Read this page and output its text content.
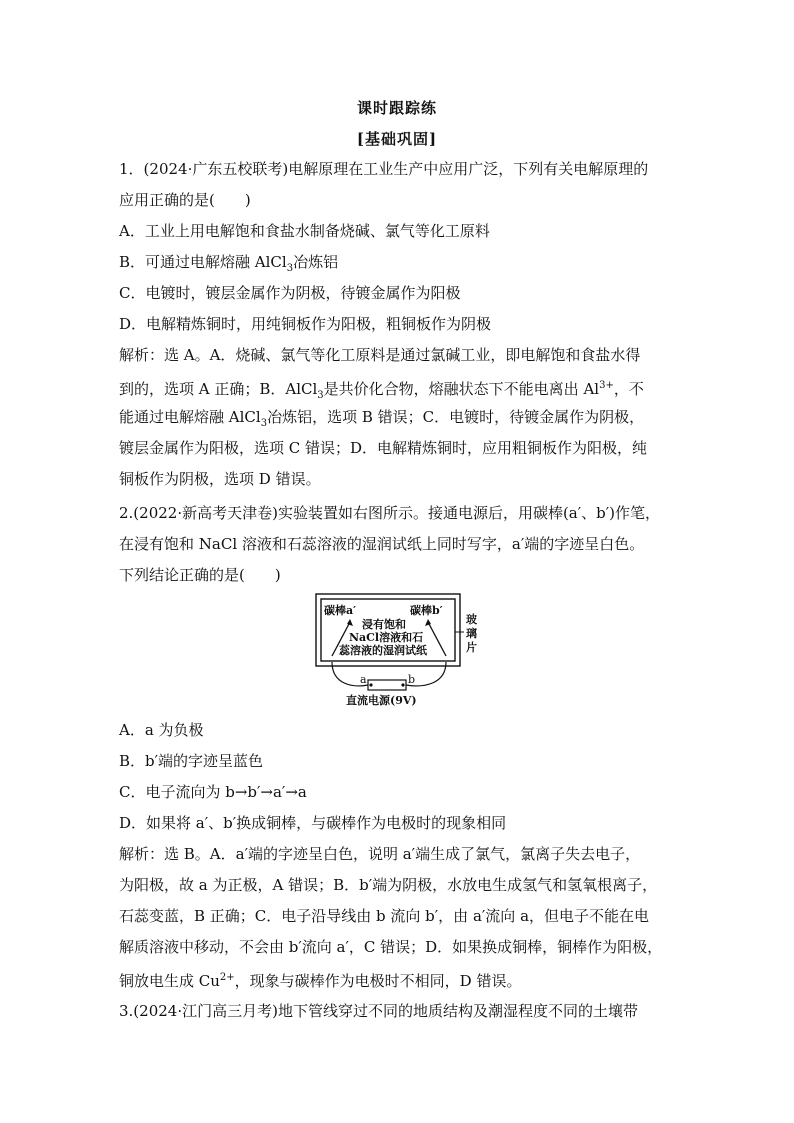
课时跟踪练
[基础巩固]
1．(2024·广东五校联考)电解原理在工业生产中应用广泛，下列有关电解原理的
应用正确的是(　　)
A．工业上用电解饱和食盐水制备烧碱、氯气等化工原料
B．可通过电解熔融 AlCl$_3$冶炼铝
C．电镀时，镀层金属作为阴极，待镀金属作为阳极
D．电解精炼铜时，用纯铜板作为阳极，粗铜板作为阴极
解析：选 A。A．烧碱、氯气等化工原料是通过氯碱工业，即电解饱和食盐水得
到的，选项 A 正确；B．AlCl$_3$是共价化合物，熔融状态下不能电离出 $Al^{3+}$，不
能通过电解熔融 AlCl$_3$冶炼铝，选项 B 错误；C．电镀时，待镀金属作为阴极，
镀层金属作为阳极，选项 C 错误；D．电解精炼铜时，应用粗铜板作为阳极，纯
铜板作为阴极，选项 D 错误。
2.(2022·新高考天津卷)实验装置如右图所示。接通电源后，用碳棒(a′、b′)作笔，
在浸有饱和 NaCl 溶液和石蕊溶液的湿润试纸上同时写字，a′端的字迹呈白色。
下列结论正确的是(　　)
碳棒a′	碳棒b′
浸有饱和
NaCl溶液和石
蕊溶液的湿润试纸
玻
璃
片
a	b
直流电源(9V)
A．a 为负极
B．b′端的字迹呈蓝色
C．电子流向为 b→b′→a′→a
D．如果将 a′、b′换成铜棒，与碳棒作为电极时的现象相同
解析：选 B。A．a′端的字迹呈白色，说明 a′端生成了氯气，氯离子失去电子，
为阳极，故 a 为正极，A 错误；B．b′端为阴极，水放电生成氢气和氢氧根离子，
石蕊变蓝，B 正确；C．电子沿导线由 b 流向 b′，由 a′流向 a，但电子不能在电
解质溶液中移动，不会由 b′流向 a′，C 错误；D．如果换成铜棒，铜棒作为阳极，
铜放电生成 $Cu^{2+}$，现象与碳棒作为电极时不相同，D 错误。
3.(2024·江门高三月考)地下管线穿过不同的地质结构及潮湿程度不同的土壤带
